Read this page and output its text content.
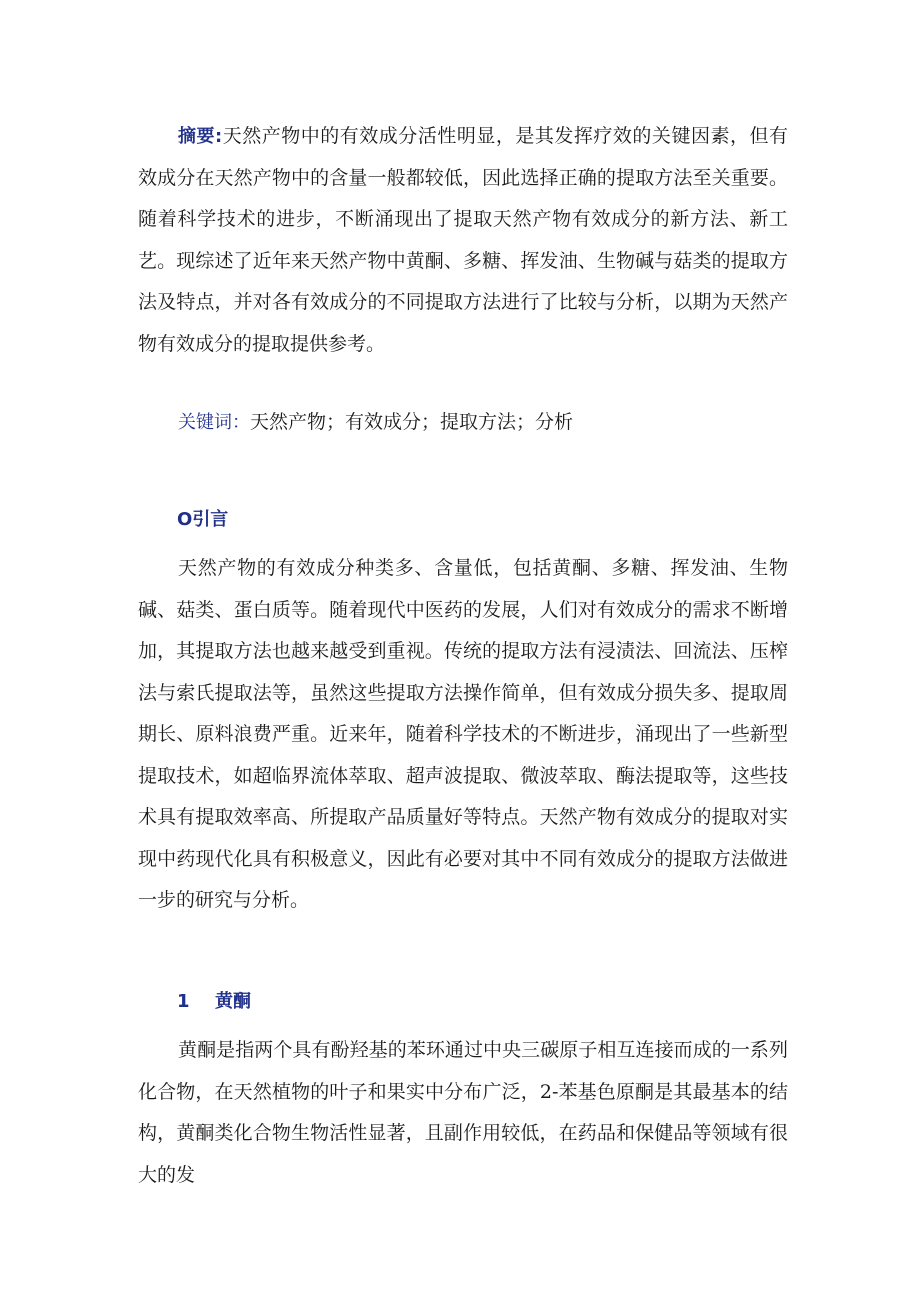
摘要:天然产物中的有效成分活性明显，是其发挥疗效的关键因素，但有效成分在天然产物中的含量一般都较低，因此选择正确的提取方法至关重要。随着科学技术的进步，不断涌现出了提取天然产物有效成分的新方法、新工艺。现综述了近年来天然产物中黄酮、多糖、挥发油、生物碱与菇类的提取方法及特点，并对各有效成分的不同提取方法进行了比较与分析，以期为天然产物有效成分的提取提供参考。

关键词：天然产物；有效成分；提取方法；分析

O引言

天然产物的有效成分种类多、含量低，包括黄酮、多糖、挥发油、生物碱、菇类、蛋白质等。随着现代中医药的发展，人们对有效成分的需求不断增加，其提取方法也越来越受到重视。传统的提取方法有浸渍法、回流法、压榨法与索氏提取法等，虽然这些提取方法操作简单，但有效成分损失多、提取周期长、原料浪费严重。近来年，随着科学技术的不断进步，涌现出了一些新型提取技术，如超临界流体萃取、超声波提取、微波萃取、酶法提取等，这些技术具有提取效率高、所提取产品质量好等特点。天然产物有效成分的提取对实现中药现代化具有积极意义，因此有必要对其中不同有效成分的提取方法做进一步的研究与分析。

1 黄酮

黄酮是指两个具有酚羟基的苯环通过中央三碳原子相互连接而成的一系列化合物，在天然植物的叶子和果实中分布广泛，2-苯基色原酮是其最基本的结构，黄酮类化合物生物活性显著，且副作用较低，在药品和保健品等领域有很大的发
